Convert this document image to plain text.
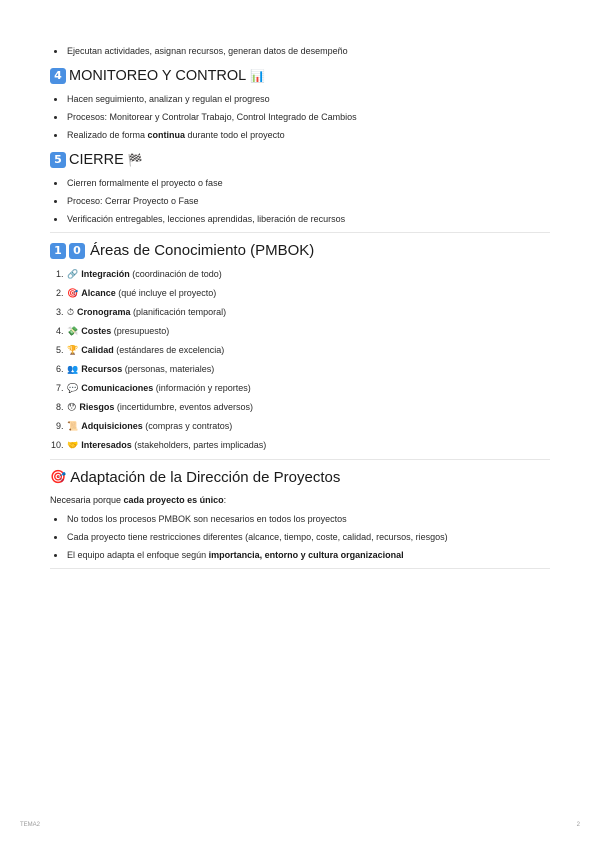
• Ejecutan actividades, asignan recursos, generan datos de desempeño
4 MONITOREO Y CONTROL 📊
• Hacen seguimiento, analizan y regulan el progreso
• Procesos: Monitorear y Controlar Trabajo, Control Integrado de Cambios
• Realizado de forma continua durante todo el proyecto
5 CIERRE 🏁
• Cierren formalmente el proyecto o fase
• Proceso: Cerrar Proyecto o Fase
• Verificación entregables, lecciones aprendidas, liberación de recursos
1	0 Áreas de Conocimiento (PMBOK)
1. 🔗 Integración (coordinación de todo)
2. 🎯 Alcance (qué incluye el proyecto)
3. ⏱ Cronograma (planificación temporal)
4. 💸 Costes (presupuesto)
5. 🏆 Calidad (estándares de excelencia)
6. 👥 Recursos (personas, materiales)
7. 💬 Comunicaciones (información y reportes)
8. 😯 Riesgos (incertidumbre, eventos adversos)
9. 📜 Adquisiciones (compras y contratos)
10. 🤝 Interesados (stakeholders, partes implicadas)
🎯 Adaptación de la Dirección de Proyectos

Necesaria porque cada proyecto es único:

• No todos los procesos PMBOK son necesarios en todos los proyectos
• Cada proyecto tiene restricciones diferentes (alcance, tiempo, coste, calidad, recursos, riesgos)
• El equipo adapta el enfoque según importancia, entorno y cultura organizacional
TEMA2	2
